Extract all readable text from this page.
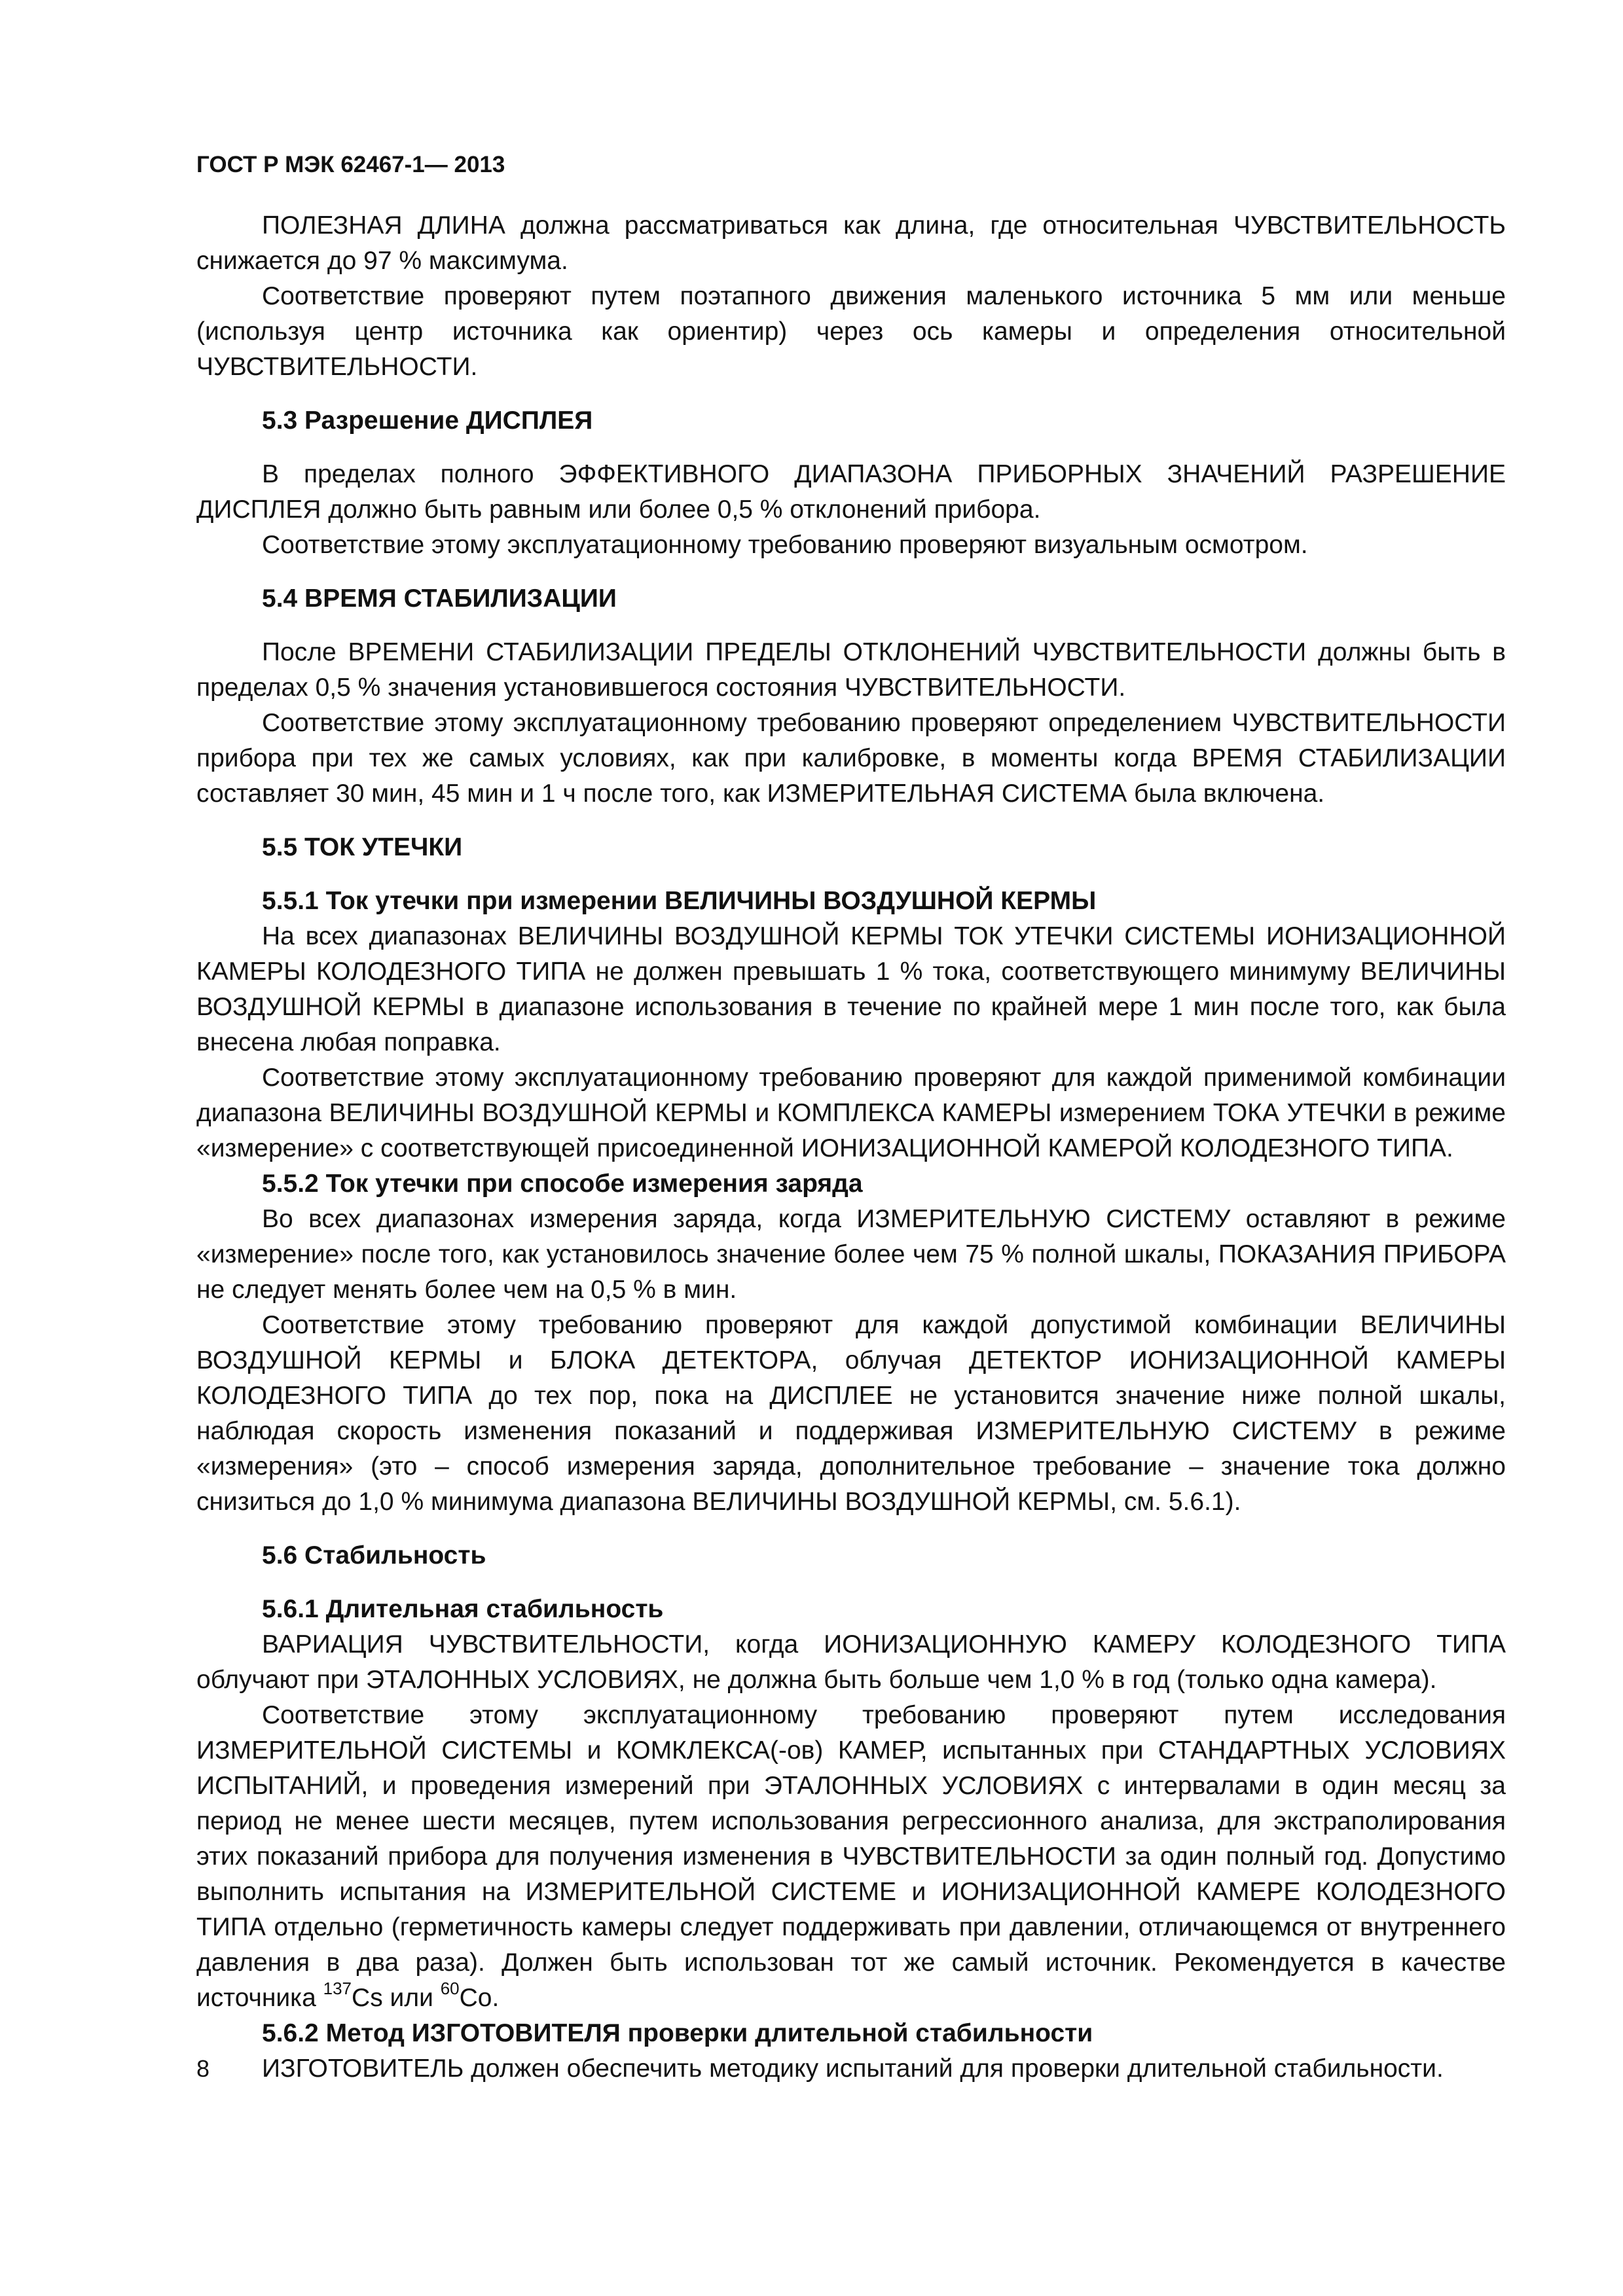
ГОСТ Р МЭК 62467-1— 2013

ПОЛЕЗНАЯ ДЛИНА должна рассматриваться как длина, где относительная ЧУВСТВИТЕЛЬНОСТЬ снижается до 97 % максимума.

Соответствие проверяют путем поэтапного движения маленького источника 5 мм или меньше (используя центр источника как ориентир) через ось камеры и определения относительной ЧУВСТВИТЕЛЬНОСТИ.

5.3 Разрешение ДИСПЛЕЯ

В пределах полного ЭФФЕКТИВНОГО ДИАПАЗОНА ПРИБОРНЫХ ЗНАЧЕНИЙ РАЗРЕШЕНИЕ ДИСПЛЕЯ должно быть равным или более 0,5 % отклонений прибора.

Соответствие этому эксплуатационному требованию проверяют визуальным осмотром.

5.4 ВРЕМЯ СТАБИЛИЗАЦИИ

После ВРЕМЕНИ СТАБИЛИЗАЦИИ ПРЕДЕЛЫ ОТКЛОНЕНИЙ ЧУВСТВИТЕЛЬНОСТИ должны быть в пределах 0,5 % значения установившегося состояния ЧУВСТВИТЕЛЬНОСТИ.

Соответствие этому эксплуатационному требованию проверяют определением ЧУВСТВИТЕЛЬНОСТИ прибора при тех же самых условиях, как при калибровке, в моменты когда ВРЕМЯ СТАБИЛИЗАЦИИ составляет 30 мин, 45 мин и 1 ч после того, как ИЗМЕРИТЕЛЬНАЯ СИСТЕМА была включена.

5.5 ТОК УТЕЧКИ
5.5.1 Ток утечки при измерении ВЕЛИЧИНЫ ВОЗДУШНОЙ КЕРМЫ

На всех диапазонах ВЕЛИЧИНЫ ВОЗДУШНОЙ КЕРМЫ ТОК УТЕЧКИ СИСТЕМЫ ИОНИЗАЦИОННОЙ КАМЕРЫ КОЛОДЕЗНОГО ТИПА не должен превышать 1 % тока, соответствующего минимуму ВЕЛИЧИНЫ ВОЗДУШНОЙ КЕРМЫ в диапазоне использования в течение по крайней мере 1 мин после того, как была внесена любая поправка.

Соответствие этому эксплуатационному требованию проверяют для каждой применимой комбинации диапазона ВЕЛИЧИНЫ ВОЗДУШНОЙ КЕРМЫ и КОМПЛЕКСА КАМЕРЫ измерением ТОКА УТЕЧКИ в режиме «измерение» с соответствующей присоединенной ИОНИЗАЦИОННОЙ КАМЕРОЙ КОЛОДЕЗНОГО ТИПА.

5.5.2 Ток утечки при способе измерения заряда

Во всех диапазонах измерения заряда, когда ИЗМЕРИТЕЛЬНУЮ СИСТЕМУ оставляют в режиме «измерение» после того, как установилось значение более чем 75 % полной шкалы, ПОКАЗАНИЯ ПРИБОРА не следует менять более чем на 0,5 % в мин.

Соответствие этому требованию проверяют для каждой допустимой комбинации ВЕЛИЧИНЫ ВОЗДУШНОЙ КЕРМЫ и БЛОКА ДЕТЕКТОРА, облучая ДЕТЕКТОР ИОНИЗАЦИОННОЙ КАМЕРЫ КОЛОДЕЗНОГО ТИПА до тех пор, пока на ДИСПЛЕЕ не установится значение ниже полной шкалы, наблюдая скорость изменения показаний и поддерживая ИЗМЕРИТЕЛЬНУЮ СИСТЕМУ в режиме «измерения» (это – способ измерения заряда, дополнительное требование – значение тока должно снизиться до 1,0 % минимума диапазона ВЕЛИЧИНЫ ВОЗДУШНОЙ КЕРМЫ, см. 5.6.1).

5.6 Стабильность
5.6.1 Длительная стабильность

ВАРИАЦИЯ ЧУВСТВИТЕЛЬНОСТИ, когда ИОНИЗАЦИОННУЮ КАМЕРУ КОЛОДЕЗНОГО ТИПА облучают при ЭТАЛОННЫХ УСЛОВИЯХ, не должна быть больше чем 1,0 % в год (только одна камера).

Соответствие этому эксплуатационному требованию проверяют путем исследования ИЗМЕРИТЕЛЬНОЙ СИСТЕМЫ и КОМКЛЕКСА(-ов) КАМЕР, испытанных при СТАНДАРТНЫХ УСЛОВИЯХ ИСПЫТАНИЙ, и проведения измерений при ЭТАЛОННЫХ УСЛОВИЯХ с интервалами в один месяц за период не менее шести месяцев, путем использования регрессионного анализа, для экстраполирования этих показаний прибора для получения изменения в ЧУВСТВИТЕЛЬНОСТИ за один полный год. Допустимо выполнить испытания на ИЗМЕРИТЕЛЬНОЙ СИСТЕМЕ и ИОНИЗАЦИОННОЙ КАМЕРЕ КОЛОДЕЗНОГО ТИПА отдельно (герметичность камеры следует поддерживать при давлении, отличающемся от внутреннего давления в два раза). Должен быть использован тот же самый источник. Рекомендуется в качестве источника $^{137}$Cs или $^{60}$Co.

5.6.2 Метод ИЗГОТОВИТЕЛЯ проверки длительной стабильности

ИЗГОТОВИТЕЛЬ должен обеспечить методику испытаний для проверки длительной стабильности.

8
